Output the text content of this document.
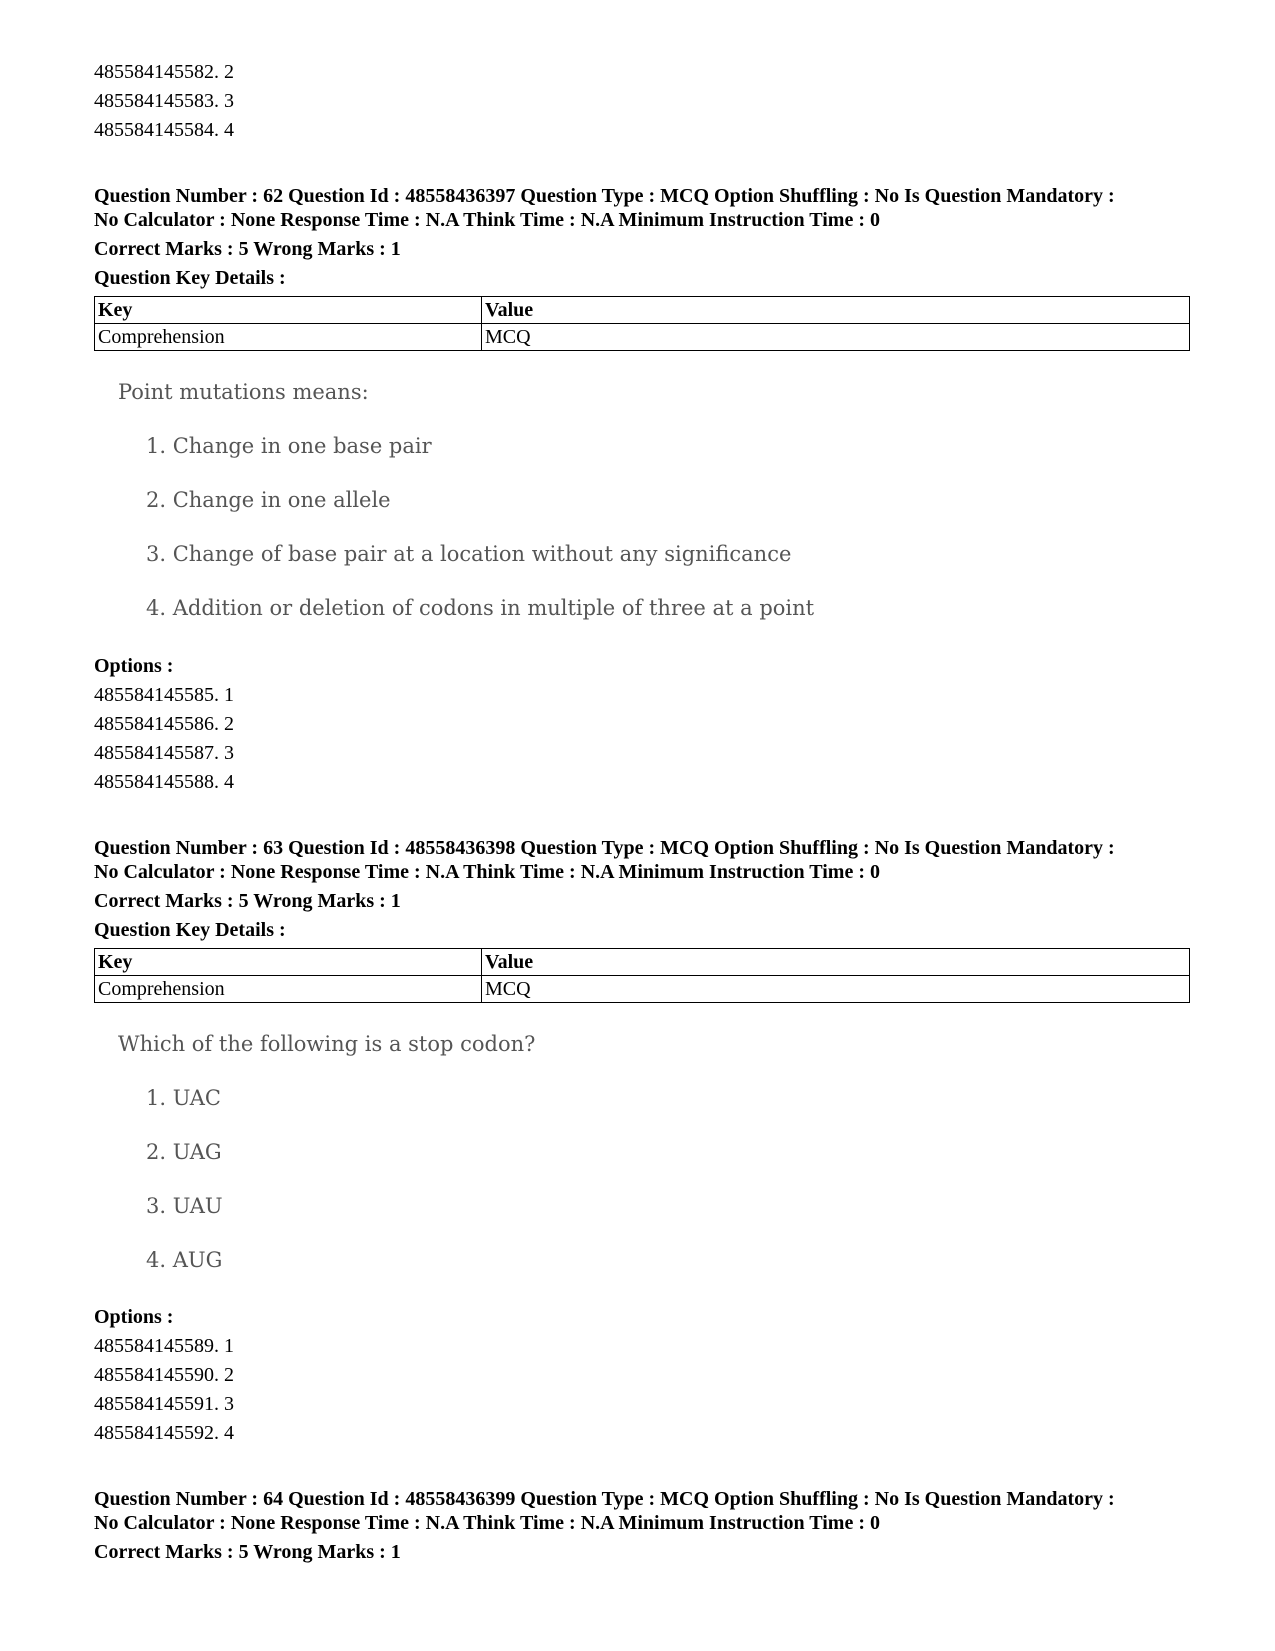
485584145582. 2
485584145583. 3
485584145584. 4
Question Number : 62 Question Id : 48558436397 Question Type : MCQ Option Shuffling : No Is Question Mandatory :
No Calculator : None Response Time : N.A Think Time : N.A Minimum Instruction Time : 0
Correct Marks : 5 Wrong Marks : 1
Question Key Details :
Key	Value
Comprehension	MCQ
Point mutations means:
1. Change in one base pair
2. Change in one allele
3. Change of base pair at a location without any significance
4. Addition or deletion of codons in multiple of three at a point
Options :
485584145585. 1
485584145586. 2
485584145587. 3
485584145588. 4
Question Number : 63 Question Id : 48558436398 Question Type : MCQ Option Shuffling : No Is Question Mandatory :
No Calculator : None Response Time : N.A Think Time : N.A Minimum Instruction Time : 0
Correct Marks : 5 Wrong Marks : 1
Question Key Details :
Key	Value
Comprehension	MCQ
Which of the following is a stop codon?
1. UAC
2. UAG
3. UAU
4. AUG
Options :
485584145589. 1
485584145590. 2
485584145591. 3
485584145592. 4
Question Number : 64 Question Id : 48558436399 Question Type : MCQ Option Shuffling : No Is Question Mandatory :
No Calculator : None Response Time : N.A Think Time : N.A Minimum Instruction Time : 0
Correct Marks : 5 Wrong Marks : 1
